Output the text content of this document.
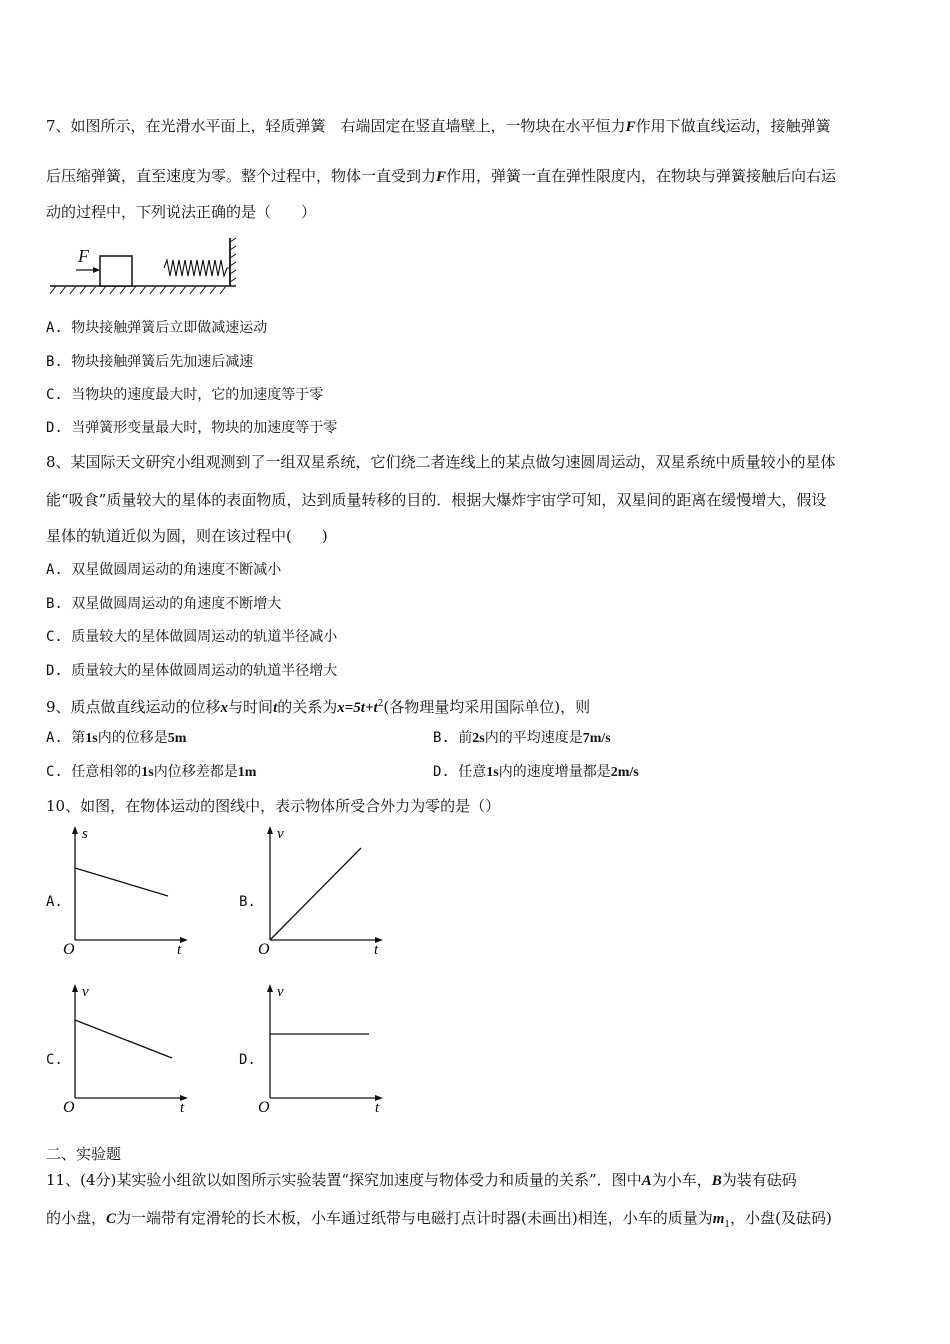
7、如图所示，在光滑水平面上，轻质弹簧　右端固定在竖直墙壁上，一物块在水平恒力F作用下做直线运动，接触弹簧
后压缩弹簧，直至速度为零。整个过程中，物体一直受到力F作用，弹簧一直在弹性限度内，在物块与弹簧接触后向右运
动的过程中，下列说法正确的是（　　）
F
A. 物块接触弹簧后立即做减速运动
B. 物块接触弹簧后先加速后减速
C. 当物块的速度最大时，它的加速度等于零
D. 当弹簧形变量最大时，物块的加速度等于零
8、某国际天文研究小组观测到了一组双星系统，它们绕二者连线上的某点做匀速圆周运动，双星系统中质量较小的星体
能“吸食”质量较大的星体的表面物质，达到质量转移的目的．根据大爆炸宇宙学可知，双星间的距离在缓慢增大，假设
星体的轨道近似为圆，则在该过程中(　　)
A. 双星做圆周运动的角速度不断减小
B. 双星做圆周运动的角速度不断增大
C. 质量较大的星体做圆周运动的轨道半径减小
D. 质量较大的星体做圆周运动的轨道半径增大
9、质点做直线运动的位移x与时间t的关系为$x=5t+t^2$(各物理量均采用国际单位)，则
A. 第1s内的位移是5m	B. 前2s内的平均速度是7m/s
C. 任意相邻的1s内位移差都是1m	D. 任意1s内的速度增量都是2m/s
10、如图，在物体运动的图线中，表示物体所受合外力为零的是（）
A.
s
t
O
B.
v
t
O
C.
v
t
O
D.
v
t
O
二、实验题
11、(4分)某实验小组欲以如图所示实验装置“探究加速度与物体受力和质量的关系”．图中A为小车，B为装有砝码
的小盘，C为一端带有定滑轮的长木板，小车通过纸带与电磁打点计时器(未画出)相连，小车的质量为$m_1$，小盘(及砝码)
